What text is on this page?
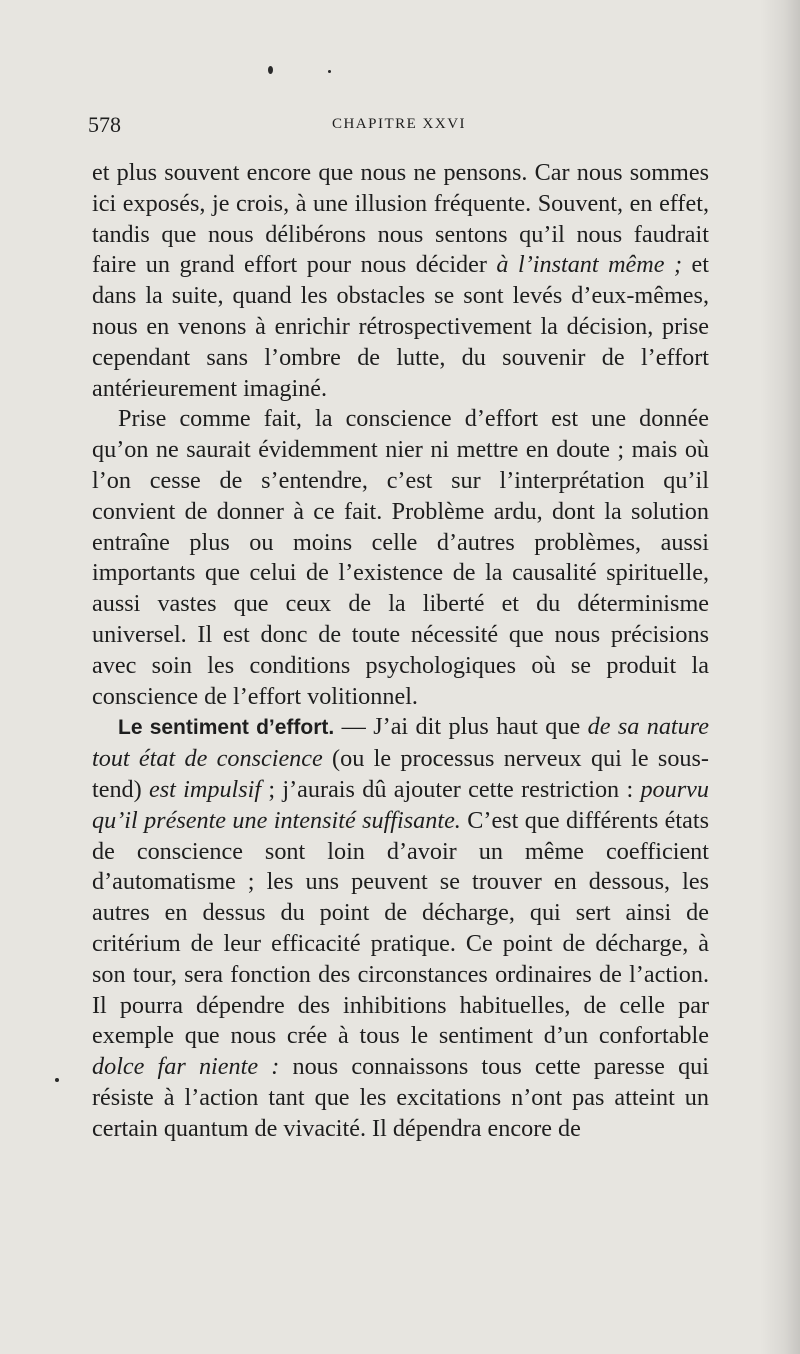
578	CHAPITRE XXVI

et plus souvent encore que nous ne pensons. Car nous sommes ici exposés, je crois, à une illusion fréquente. Souvent, en effet, tandis que nous délibérons nous sentons qu’il nous faudrait faire un grand effort pour nous décider à l’instant même ; et dans la suite, quand les obstacles se sont levés d’eux-mêmes, nous en venons à enrichir rétrospectivement la décision, prise cependant sans l’ombre de lutte, du souvenir de l’effort antérieurement imaginé.

Prise comme fait, la conscience d’effort est une donnée qu’on ne saurait évidemment nier ni mettre en doute ; mais où l’on cesse de s’entendre, c’est sur l’interprétation qu’il convient de donner à ce fait. Problème ardu, dont la solution entraîne plus ou moins celle d’autres problèmes, aussi importants que celui de l’existence de la causalité spirituelle, aussi vastes que ceux de la liberté et du déterminisme universel. Il est donc de toute nécessité que nous précisions avec soin les conditions psychologiques où se produit la conscience de l’effort volitionnel.

Le sentiment d’effort. — J’ai dit plus haut que de sa nature tout état de conscience (ou le processus nerveux qui le sous-tend) est impulsif ; j’aurais dû ajouter cette restriction : pourvu qu’il présente une intensité suffisante. C’est que différents états de conscience sont loin d’avoir un même coefficient d’automatisme ; les uns peuvent se trouver en dessous, les autres en dessus du point de décharge, qui sert ainsi de critérium de leur efficacité pratique. Ce point de décharge, à son tour, sera fonction des circonstances ordinaires de l’action. Il pourra dépendre des inhibitions habituelles, de celle par exemple que nous crée à tous le sentiment d’un confortable dolce far niente : nous connaissons tous cette paresse qui résiste à l’action tant que les excitations n’ont pas atteint un certain quantum de vivacité. Il dépendra encore de
